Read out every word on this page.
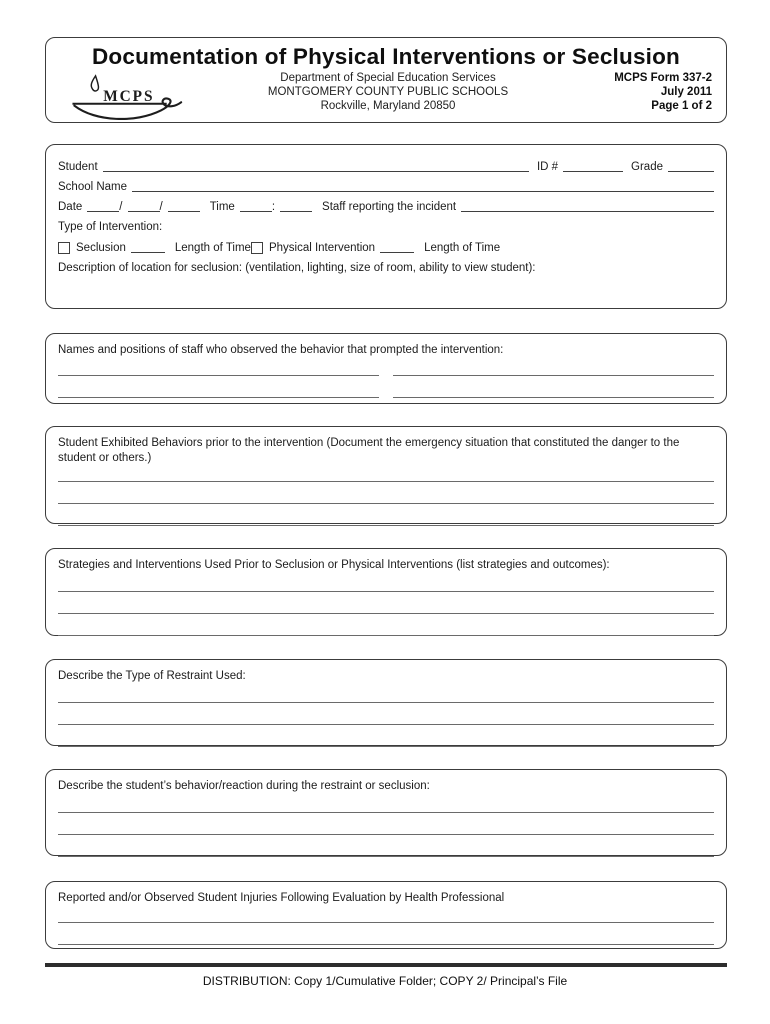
Documentation of Physical Interventions or Seclusion
MCPS
Department of Special Education Services
MONTGOMERY COUNTY PUBLIC SCHOOLS
Rockville, Maryland 20850
MCPS Form 337-2
July 2011
Page 1 of 2
Student	ID #	Grade
School Name
Date	/	/	Time	:	Staff reporting the incident
Type of Intervention:
Seclusion	Length of Time Physical Intervention	Length of Time
Description of location for seclusion: (ventilation, lighting, size of room, ability to view student):
Names and positions of staff who observed the behavior that prompted the intervention:
Student Exhibited Behaviors prior to the intervention (Document the emergency situation that constituted the danger to the student or others.)
Strategies and Interventions Used Prior to Seclusion or Physical Interventions (list strategies and outcomes):
Describe the Type of Restraint Used:
Describe the student’s behavior/reaction during the restraint or seclusion:
Reported and/or Observed Student Injuries Following Evaluation by Health Professional
DISTRIBUTION: Copy 1/Cumulative Folder; COPY 2/ Principal’s File
